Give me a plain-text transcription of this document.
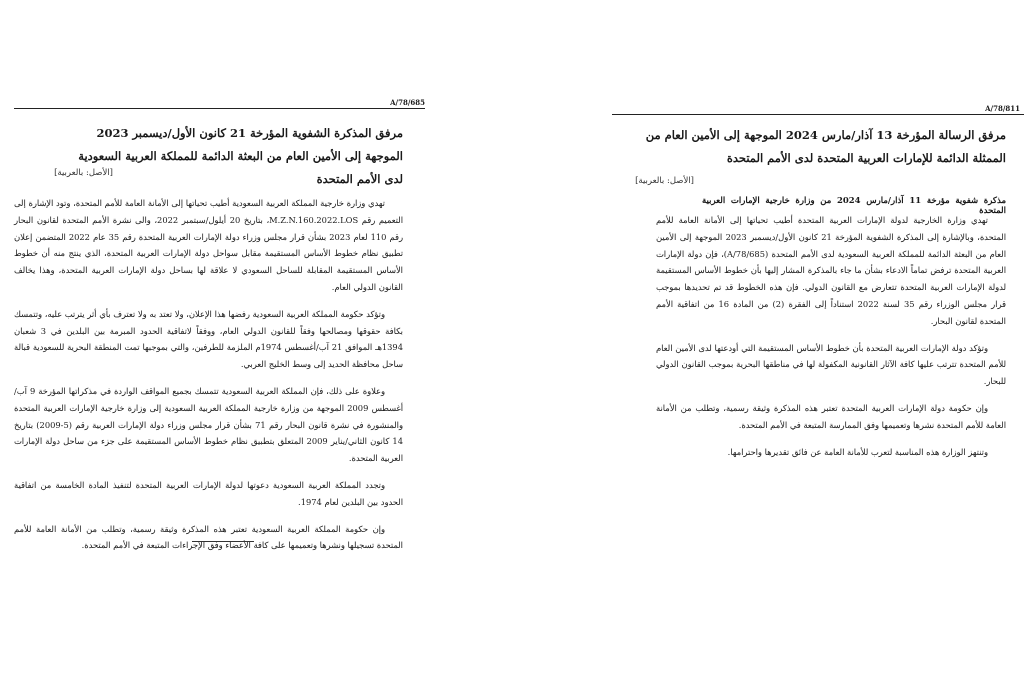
A/78/685
مرفق المذكرة الشفوية المؤرخة 21 كانون الأول/ديسمبر 2023 الموجهة إلى الأمين العام من البعثة الدائمة للمملكة العربية السعودية لدى الأمم المتحدة
[الأصل: بالعربية]

تهدي وزارة خارجية المملكة العربية السعودية أطيب تحياتها إلى الأمانة العامة للأمم المتحدة، وتود الإشارة إلى التعميم رقم M.Z.N.160.2022.LOS، بتاريخ 20 أيلول/سبتمبر 2022، والى نشرة الأمم المتحدة لقانون البحار رقم 110 لعام 2023 بشأن قرار مجلس وزراء دولة الإمارات العربية المتحدة رقم 35 عام 2022 المتضمن إعلان تطبيق نظام خطوط الأساس المستقيمة مقابل سواحل دولة الإمارات العربية المتحدة، الذي ينتج منه أن خطوط الأساس المستقيمة المقابلة للساحل السعودي لا علاقة لها بساحل دولة الإمارات العربية المتحدة، وهذا يخالف القانون الدولي العام.

وتؤكد حكومة المملكة العربية السعودية رفضها هذا الإعلان، ولا تعتد به ولا تعترف بأي أثر يترتب عليه، وتتمسك بكافة حقوقها ومصالحها وفقاً للقانون الدولي العام، ووفقاً لاتفاقية الحدود المبرمة بين البلدين في 3 شعبان 1394هـ الموافق 21 آب/أغسطس 1974م الملزمة للطرفين، والتي بموجبها تمت المنطقة البحرية للسعودية قبالة ساحل محافظة الحديد إلى وسط الخليج العربي.

وعلاوة على ذلك، فإن المملكة العربية السعودية تتمسك بجميع المواقف الواردة في مذكراتها المؤرخة 9 آب/أغسطس 2009 الموجهة من وزارة خارجية المملكة العربية السعودية إلى وزارة خارجية الإمارات العربية المتحدة والمنشورة في نشرة قانون البحار رقم 71 بشأن قرار مجلس وزراء دولة الإمارات العربية رقم (5-2009) بتاريخ 14 كانون الثاني/يناير 2009 المتعلق بتطبيق نظام خطوط الأساس المستقيمة على جزء من ساحل دولة الإمارات العربية المتحدة.

وتجدد المملكة العربية السعودية دعوتها لدولة الإمارات العربية المتحدة لتنفيذ المادة الخامسة من اتفاقية الحدود بين البلدين لعام 1974.

وإن حكومة المملكة العربية السعودية تعتبر هذه المذكرة وثيقة رسمية، وتطلب من الأمانة العامة للأمم المتحدة تسجيلها ونشرها وتعميمها على كافة الأعضاء وفق الإجراءات المتبعة في الأمم المتحدة.

A/78/811
مرفق الرسالة المؤرخة 13 آذار/مارس 2024 الموجهة إلى الأمين العام من الممثلة الدائمة للإمارات العربية المتحدة لدى الأمم المتحدة
[الأصل: بالعربية]
مذكرة شفوية مؤرخة 11 آذار/مارس 2024 من وزارة خارجية الإمارات العربية المتحدة

تهدي وزارة الخارجية لدولة الإمارات العربية المتحدة أطيب تحياتها إلى الأمانة العامة للأمم المتحدة، وبالإشارة إلى المذكرة الشفوية المؤرخة 21 كانون الأول/ديسمبر 2023 الموجهة إلى الأمين العام من البعثة الدائمة للمملكة العربية السعودية لدى الأمم المتحدة (A/78/685)، فإن دولة الإمارات العربية المتحدة ترفض تماماً الادعاء بشأن ما جاء بالمذكرة المشار إليها بأن خطوط الأساس المستقيمة لدولة الإمارات العربية المتحدة تتعارض مع القانون الدولي. فإن هذه الخطوط قد تم تحديدها بموجب قرار مجلس الوزراء رقم 35 لسنة 2022 استناداً إلى الفقرة (2) من المادة 16 من اتفاقية الأمم المتحدة لقانون البحار.

وتؤكد دولة الإمارات العربية المتحدة بأن خطوط الأساس المستقيمة التي أودعتها لدى الأمين العام للأمم المتحدة تترتب عليها كافة الآثار القانونية المكفولة لها في مناطقها البحرية بموجب القانون الدولي للبحار.

وإن حكومة دولة الإمارات العربية المتحدة تعتبر هذه المذكرة وثيقة رسمية، وتطلب من الأمانة العامة للأمم المتحدة نشرها وتعميمها وفق الممارسة المتبعة في الأمم المتحدة.

وتنتهز الوزارة هذه المناسبة لتعرب للأمانة العامة عن فائق تقديرها واحترامها.
